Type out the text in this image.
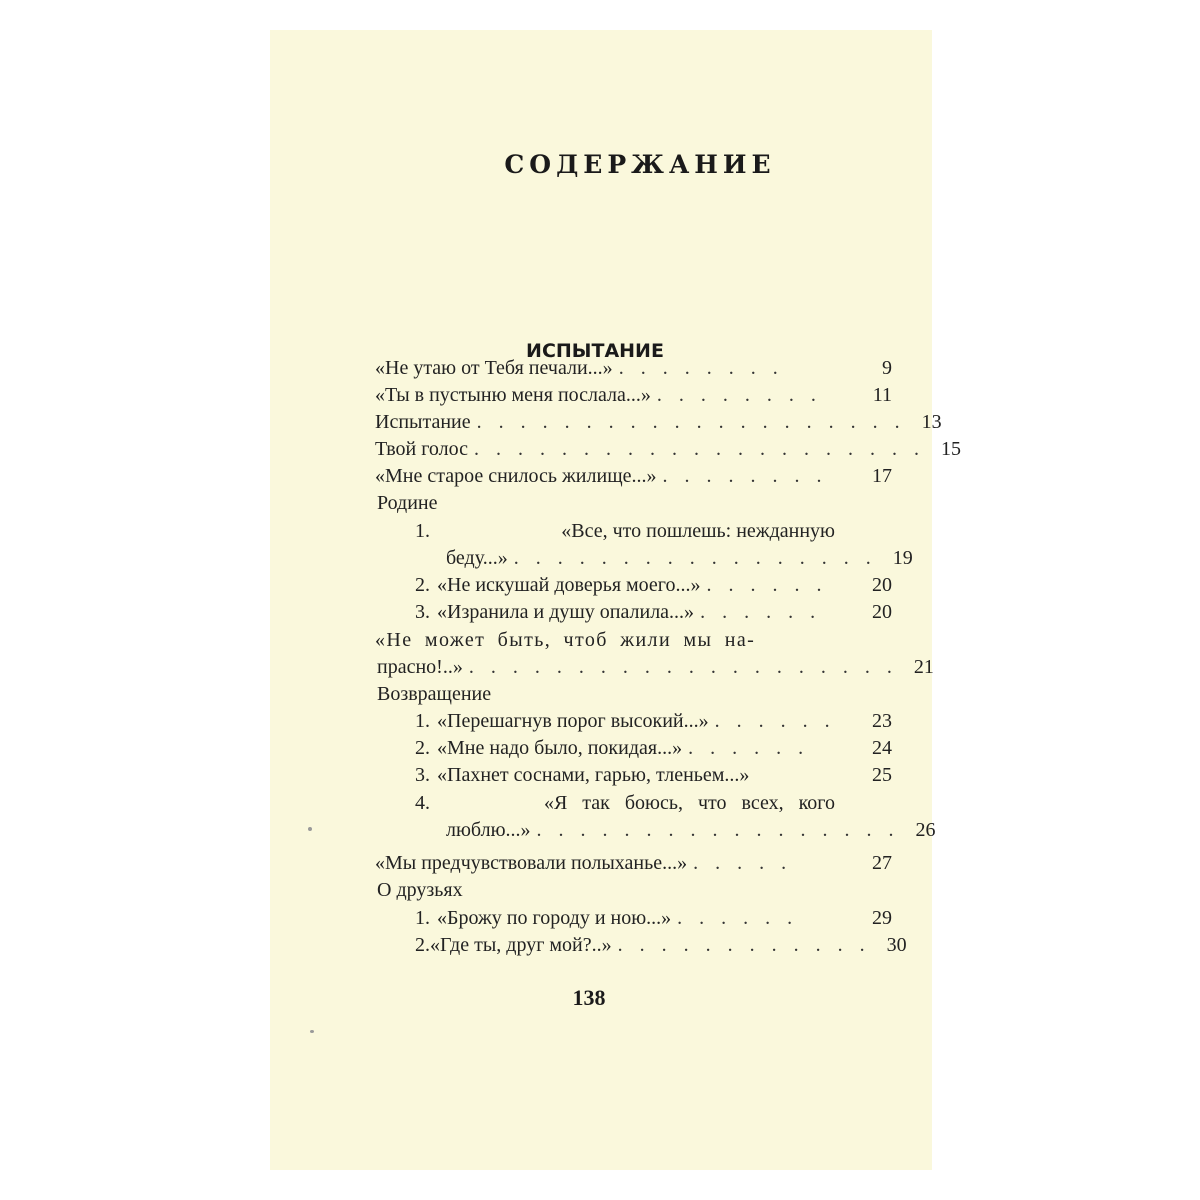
СОДЕРЖАНИЕ
ИСПЫТАНИЕ
«Не утаю от Тебя печали...» . . . . . . . .	9
«Ты в пустыню меня послала...» . . . . . . . .	11
Испытание . . . . . . . . . . . . . . . . . . . . 13
Твой голос . . . . . . . . . . . . . . . . . . . . . 15
«Мне старое снилось жилище...» . . . . . . . .	17
Родине
1.	«Все, что пошлешь: нежданную
беду...» . . . . . . . . . . . . . . . . . 19
2. «Не искушай доверья моего...» . . . . . .	20
3. «Изранила и душу опалила...» . . . . . .	20
«Не может быть, чтоб жили мы на-
прасно!..» . . . . . . . . . . . . . . . . . . . . 21
Возвращение
1. «Перешагнув порог высокий...» . . . . . .	23
2. «Мне надо было, покидая...» . . . . . .	24
3. «Пахнет соснами, гарью, тленьем...»	25
4.	«Я так боюсь, что всех, кого
люблю...» . . . . . . . . . . . . . . . . . 26
«Мы предчувствовали полыханье...» . . . . .	27
О друзьях
1. «Брожу по городу и ною...» . . . . . .	29
2. «Где ты, друг мой?..» . . . . . . . . . . . . 30
138
